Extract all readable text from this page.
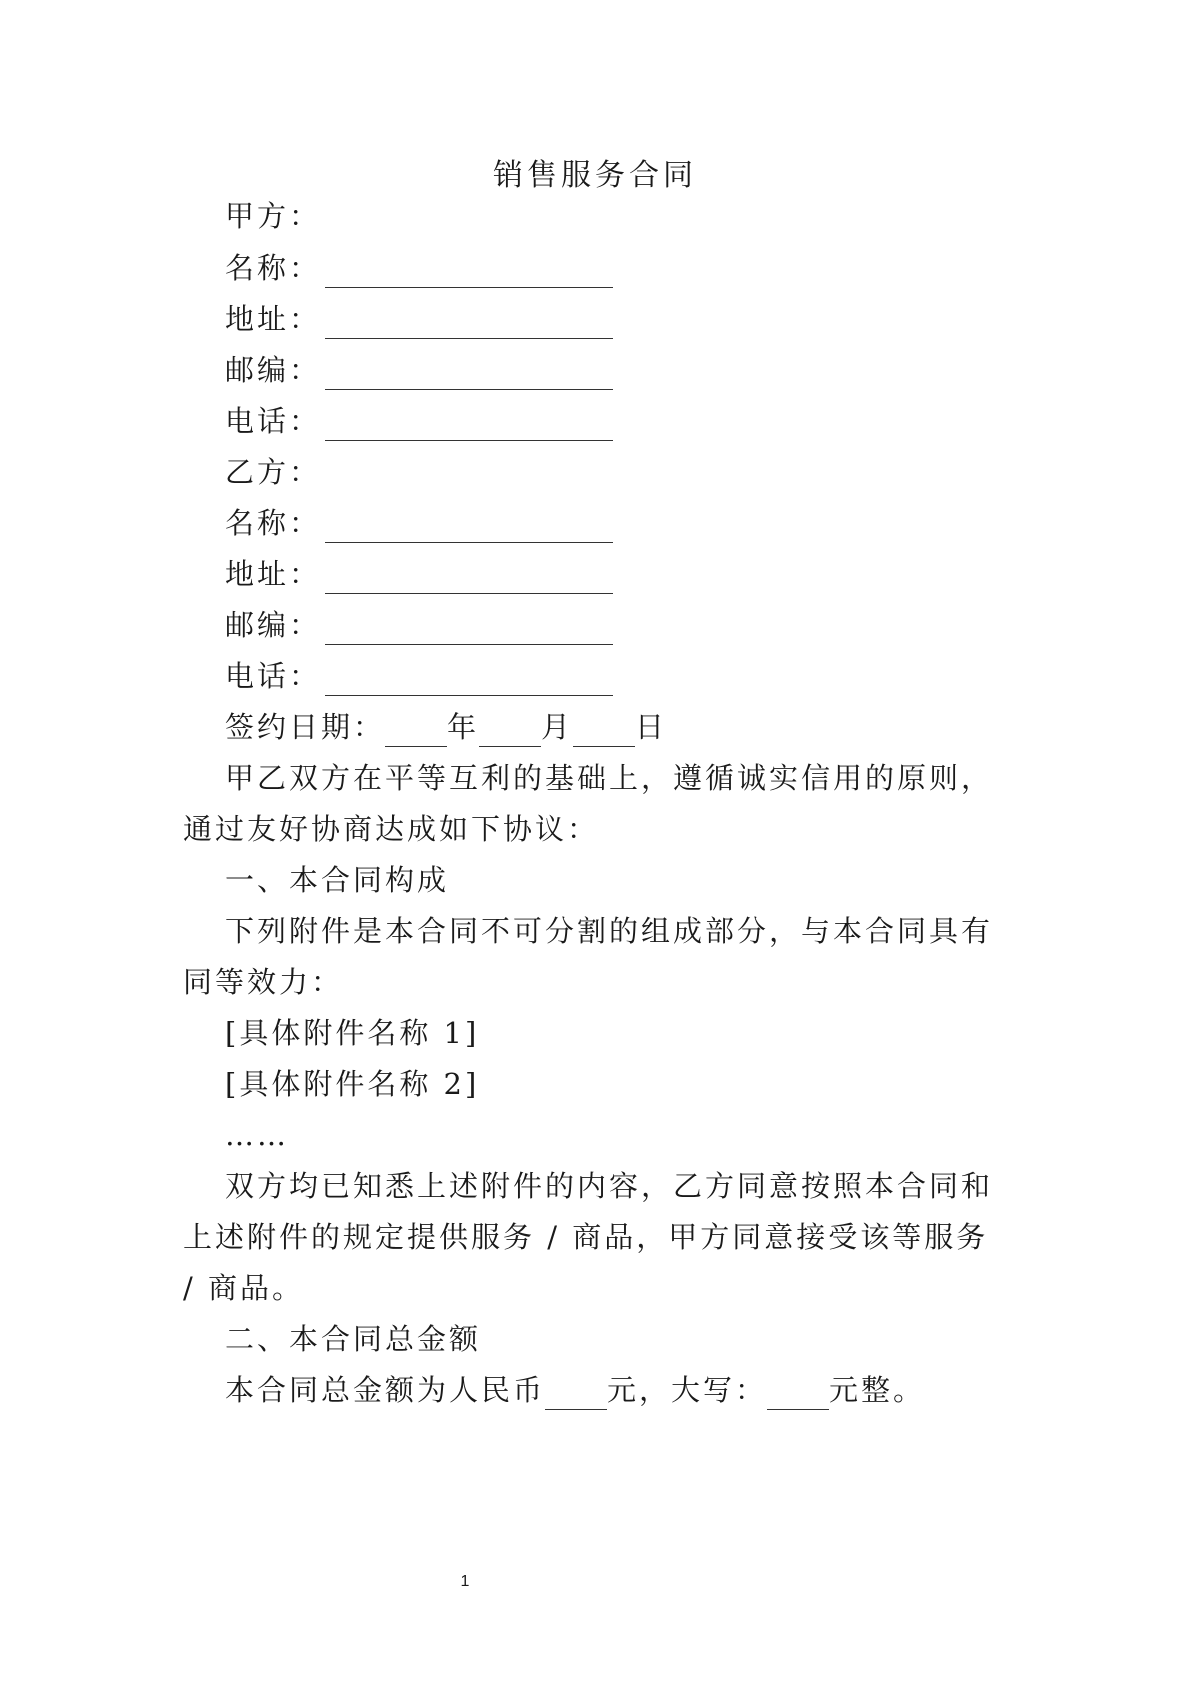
销售服务合同
甲方：
名称：
地址：
邮编：
电话：
乙方：
名称：
地址：
邮编：
电话：
签约日期： 年 月 日
甲乙双方在平等互利的基础上，遵循诚实信用的原则，
通过友好协商达成如下协议：
一、本合同构成
下列附件是本合同不可分割的组成部分，与本合同具有
同等效力：
[具体附件名称 1]
[具体附件名称 2]
……
双方均已知悉上述附件的内容，乙方同意按照本合同和
上述附件的规定提供服务 / 商品，甲方同意接受该等服务
/ 商品。
二、本合同总金额
本合同总金额为人民币 元，大写： 元整。
1
